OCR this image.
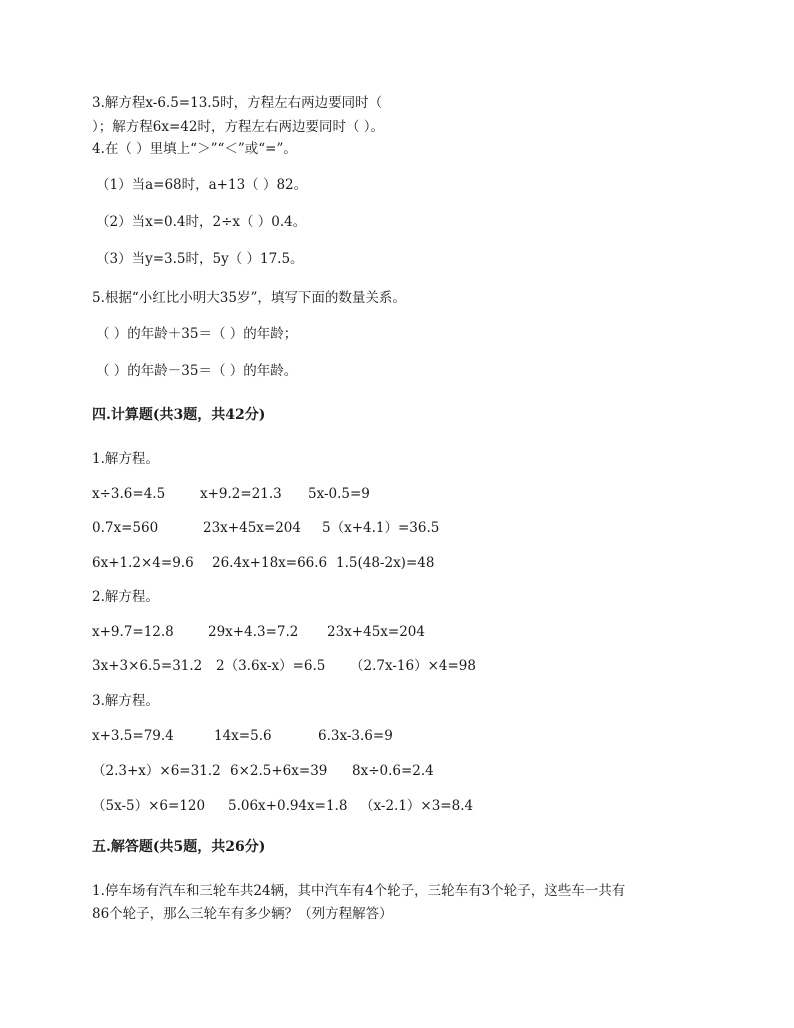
3.解方程x-6.5=13.5时，方程左右两边要同时（
）；解方程6x=42时，方程左右两边要同时（ ）。
4.在（ ）里填上“＞”“＜”或“=”。
（1）当a=68时，a+13（ ）82。
（2）当x=0.4时，2÷x（ ）0.4。
（3）当y=3.5时，5y（ ）17.5。
5.根据“小红比小明大35岁”，填写下面的数量关系。
（ ）的年龄＋35＝（ ）的年龄；
（ ）的年龄－35＝（ ）的年龄。
四.计算题(共3题，共42分)
1.解方程。
x÷3.6=4.5	x+9.2=21.3 5x-0.5=9
0.7x=560	23x+45x=204 5（x+4.1）=36.5
6x+1.2×4=9.6 26.4x+18x=66.6 1.5(48-2x)=48
2.解方程。
x+9.7=12.8	29x+4.3=7.2 23x+45x=204
3x+3×6.5=31.2 2（3.6x-x）=6.5 （2.7x-16）×4=98
3.解方程。
x+3.5=79.4	14x=5.6	6.3x-3.6=9
（2.3+x）×6=31.2 6×2.5+6x=39 8x÷0.6=2.4
（5x-5）×6=120 5.06x+0.94x=1.8 （x-2.1）×3=8.4
五.解答题(共5题，共26分)
1.停车场有汽车和三轮车共24辆，其中汽车有4个轮子，三轮车有3个轮子，这些车一共有
86个轮子，那么三轮车有多少辆？（列方程解答）
